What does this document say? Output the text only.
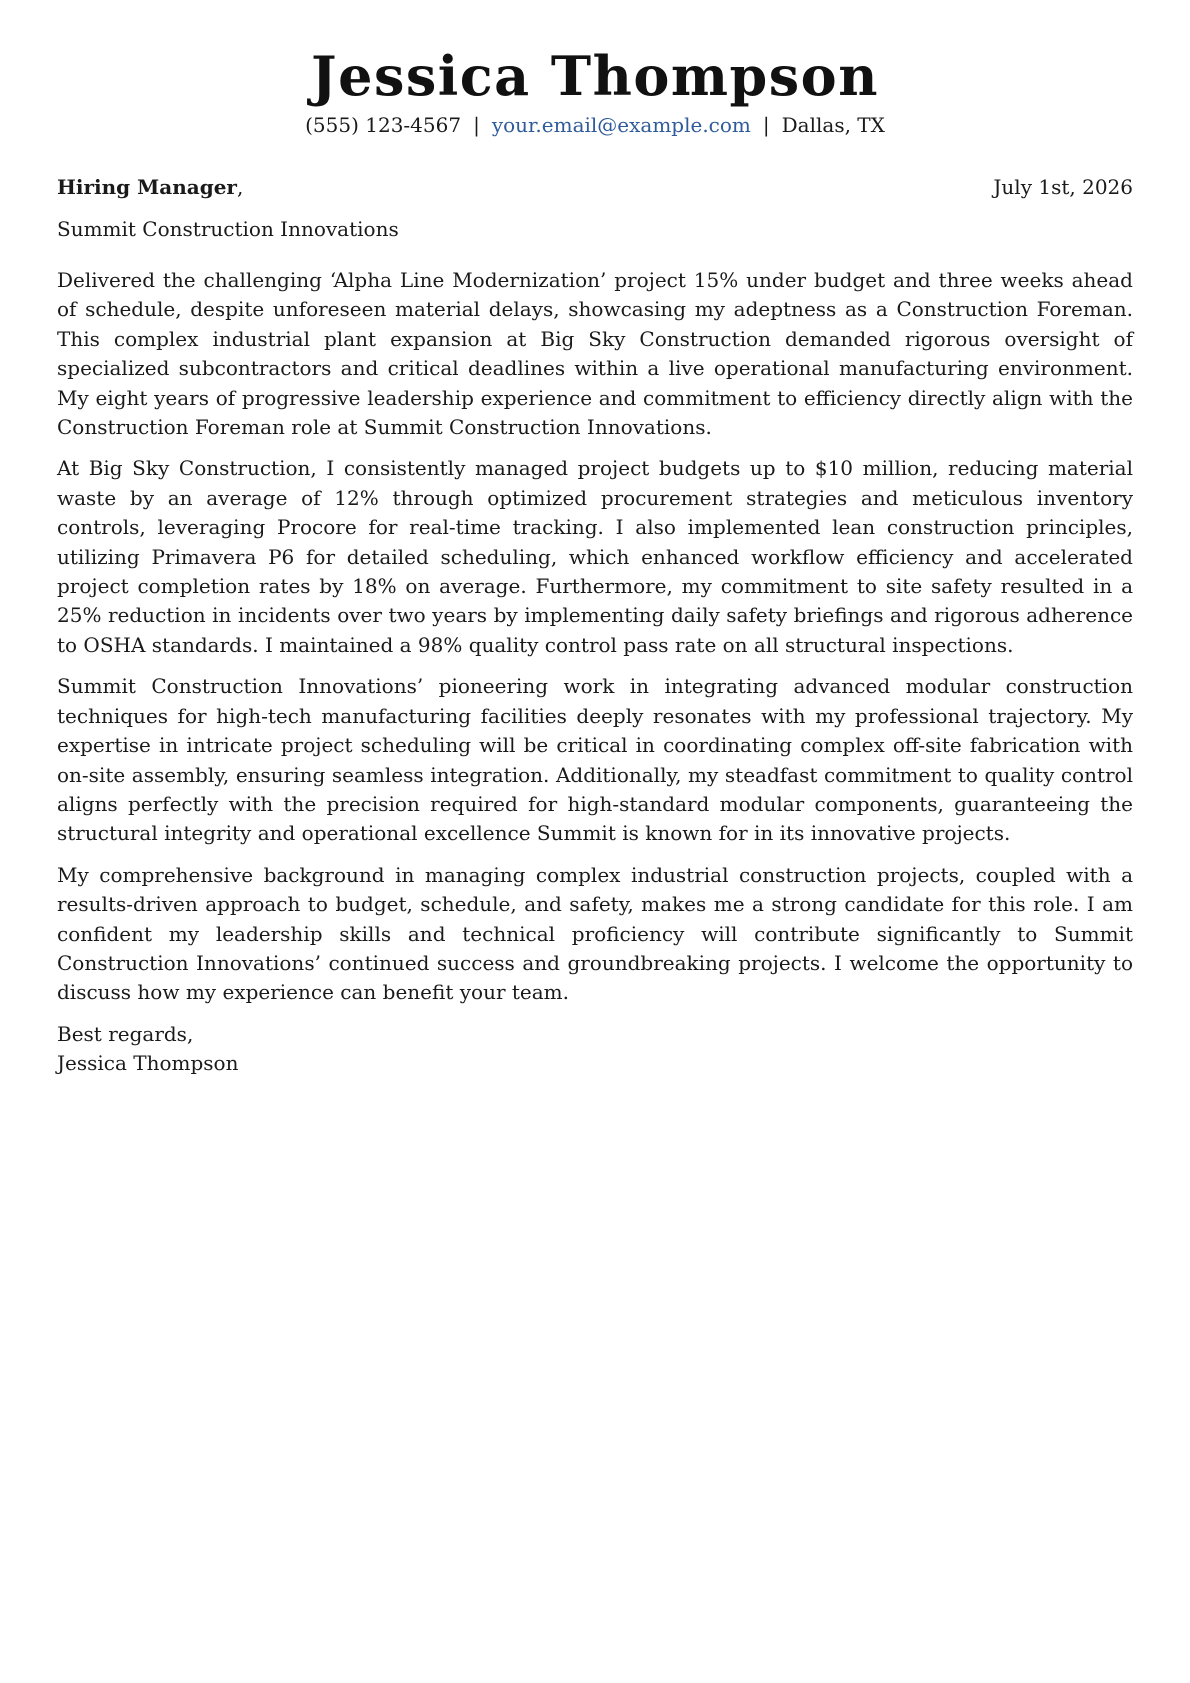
Jessica Thompson
(555) 123-4567 | your.email@example.com | Dallas, TX
Hiring Manager,	July 1st, 2026
Summit Construction Innovations

Delivered the challenging ‘Alpha Line Modernization’ project 15% under budget and three weeks ahead of schedule, despite unforeseen material delays, showcasing my adeptness as a Construction Foreman. This complex industrial plant expansion at Big Sky Construction demanded rigorous oversight of specialized subcontractors and critical deadlines within a live operational manufacturing environment. My eight years of progressive leadership experience and commitment to efficiency directly align with the Construction Foreman role at Summit Construction Innovations.

At Big Sky Construction, I consistently managed project budgets up to $10 million, reducing material waste by an average of 12% through optimized procurement strategies and meticulous inventory controls, leveraging Procore for real-time tracking. I also implemented lean construction principles, utilizing Primavera P6 for detailed scheduling, which enhanced workflow efficiency and accelerated project completion rates by 18% on average. Furthermore, my commitment to site safety resulted in a 25% reduction in incidents over two years by implementing daily safety briefings and rigorous adherence to OSHA standards. I maintained a 98% quality control pass rate on all structural inspections.

Summit Construction Innovations’ pioneering work in integrating advanced modular construction techniques for high-tech manufacturing facilities deeply resonates with my professional trajectory. My expertise in intricate project scheduling will be critical in coordinating complex off-site fabrication with on-site assembly, ensuring seamless integration. Additionally, my steadfast commitment to quality control aligns perfectly with the precision required for high-standard modular components, guaranteeing the structural integrity and operational excellence Summit is known for in its innovative projects.

My comprehensive background in managing complex industrial construction projects, coupled with a results-driven approach to budget, schedule, and safety, makes me a strong candidate for this role. I am confident my leadership skills and technical proficiency will contribute significantly to Summit Construction Innovations’ continued success and groundbreaking projects. I welcome the opportunity to discuss how my experience can benefit your team.

Best regards,
Jessica Thompson
